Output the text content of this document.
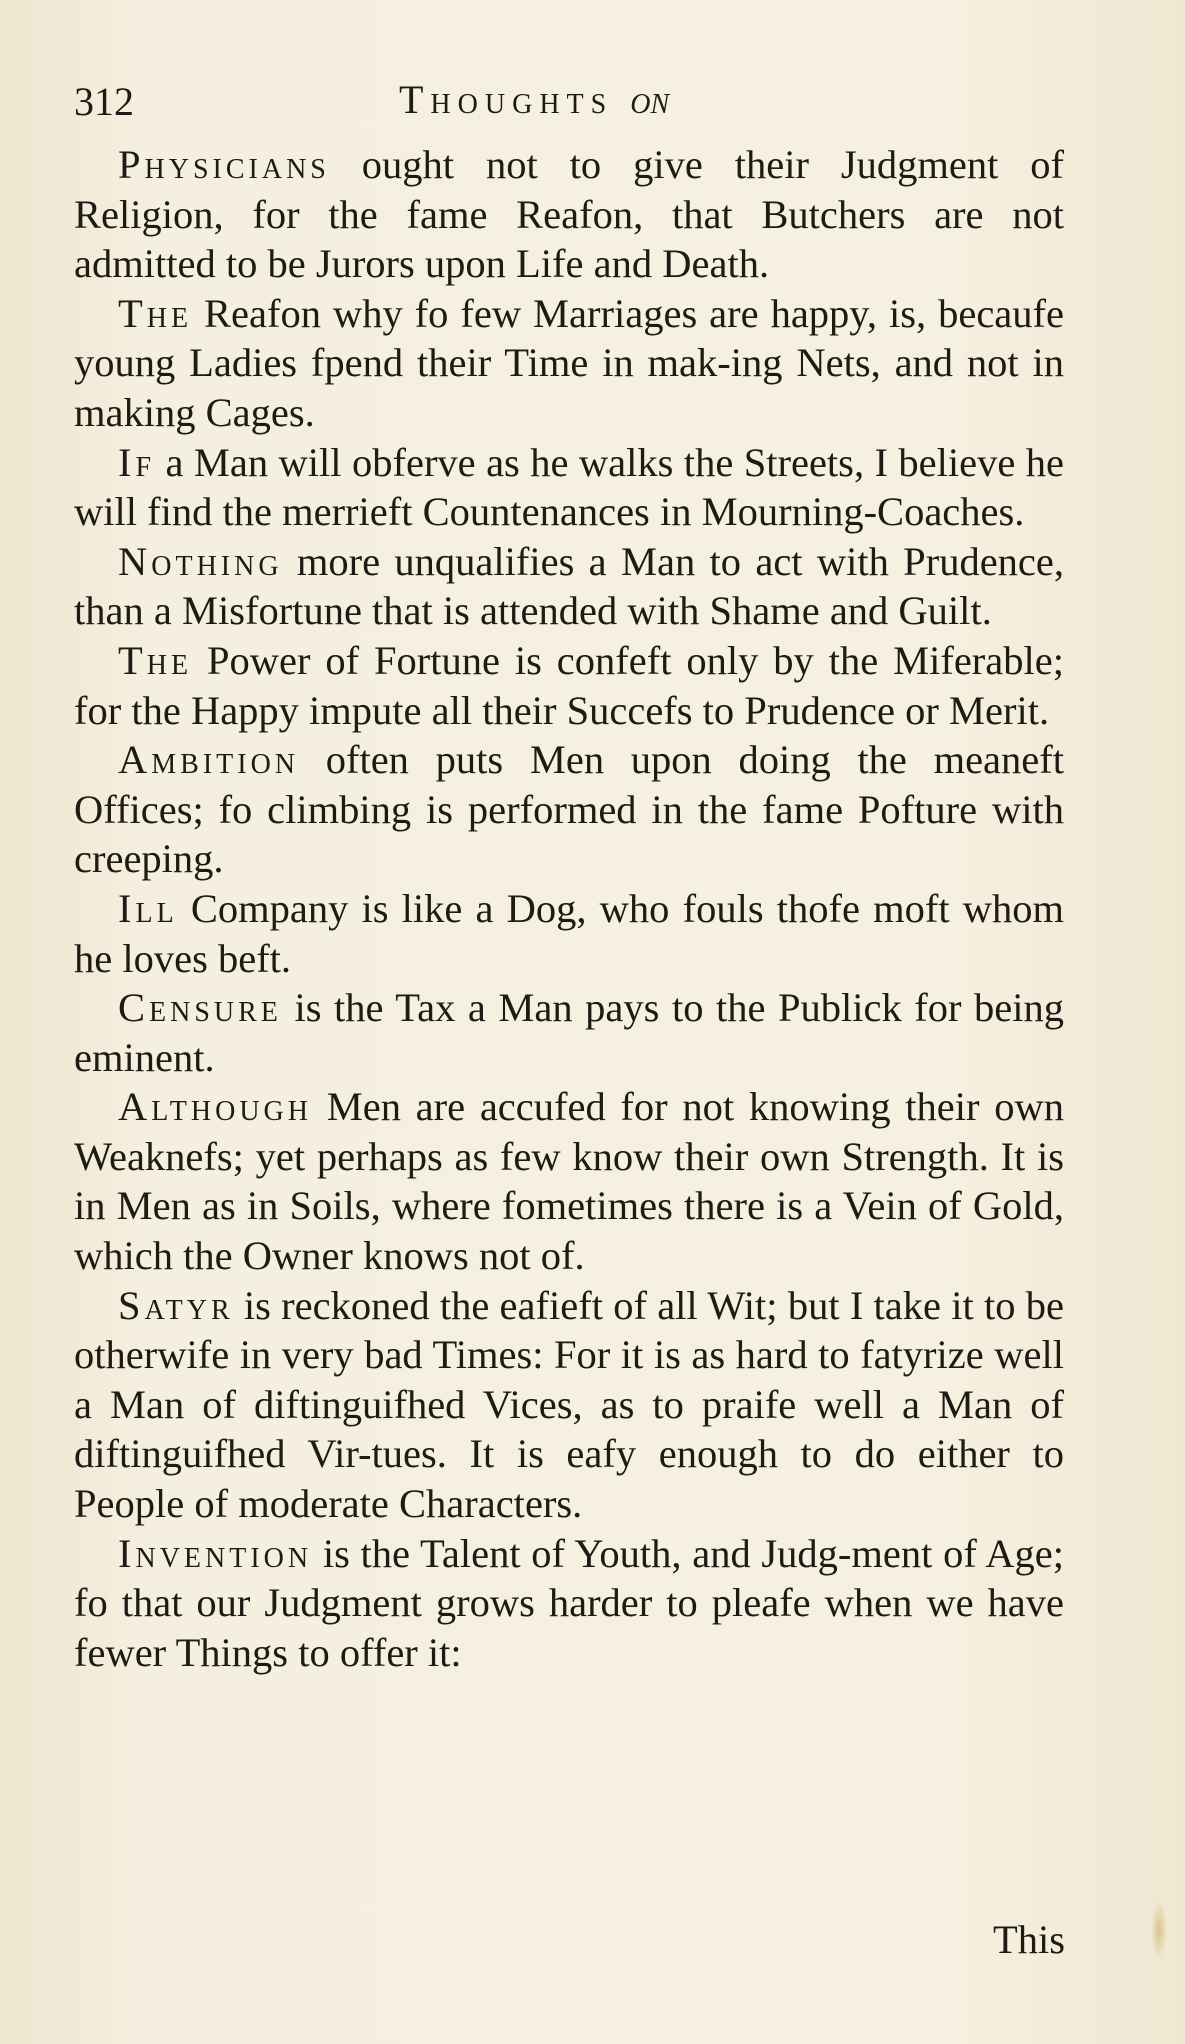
312	Thoughts on

Physicians ought not to give their Judgment of Religion, for the fame Reafon, that Butchers are not admitted to be Jurors upon Life and Death.

The Reafon why fo few Marriages are happy, is, becaufe young Ladies fpend their Time in mak-ing Nets, and not in making Cages.

If a Man will obferve as he walks the Streets, I believe he will find the merrieft Countenances in Mourning-Coaches.

Nothing more unqualifies a Man to act with Prudence, than a Misfortune that is attended with Shame and Guilt.

The Power of Fortune is confeft only by the Miferable; for the Happy impute all their Succefs to Prudence or Merit.

Ambition often puts Men upon doing the meaneft Offices; fo climbing is performed in the fame Pofture with creeping.

Ill Company is like a Dog, who fouls thofe moft whom he loves beft.

Censure is the Tax a Man pays to the Publick for being eminent.

Although Men are accufed for not knowing their own Weaknefs; yet perhaps as few know their own Strength. It is in Men as in Soils, where fometimes there is a Vein of Gold, which the Owner knows not of.

Satyr is reckoned the eafieft of all Wit; but I take it to be otherwife in very bad Times: For it is as hard to fatyrize well a Man of diftinguifhed Vices, as to praife well a Man of diftinguifhed Vir-tues. It is eafy enough to do either to People of moderate Characters.

Invention is the Talent of Youth, and Judg-ment of Age; fo that our Judgment grows harder to pleafe when we have fewer Things to offer it:

This
